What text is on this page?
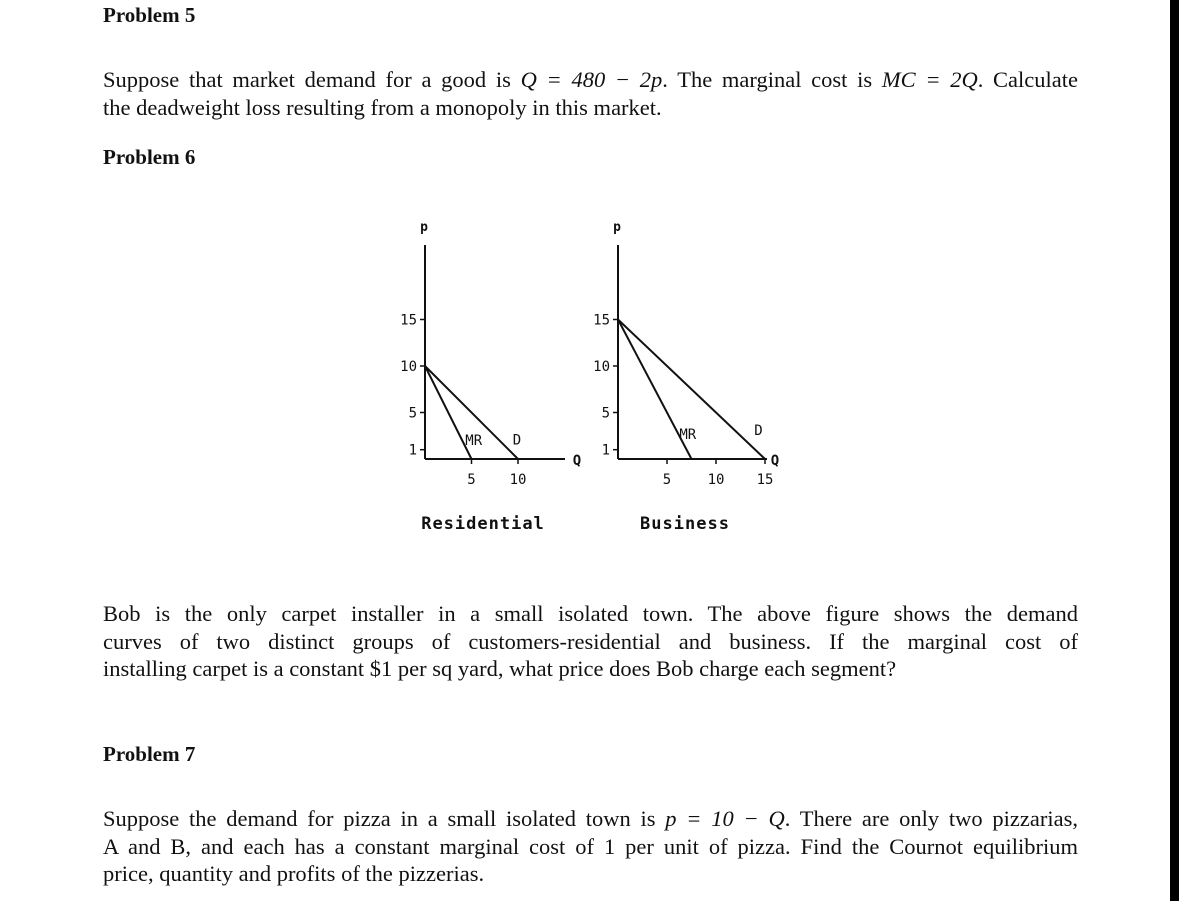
Problem 5

Suppose that market demand for a good is Q = 480 − 2p. The marginal cost is MC = 2Q. Calculate
the deadweight loss resulting from a monopoly in this market.

Problem 6
p
Q
15
10
5
1
5 10
MR D
Residential
p
Q
15
10
5
1
5	10 15
MR	D
Business

Bob is the only carpet installer in a small isolated town. The above figure shows the demand
curves of two distinct groups of customers-residential and business. If the marginal cost of
installing carpet is a constant $1 per sq yard, what price does Bob charge each segment?

Problem 7

Suppose the demand for pizza in a small isolated town is p = 10 − Q. There are only two pizzarias,
A and B, and each has a constant marginal cost of 1 per unit of pizza. Find the Cournot equilibrium
price, quantity and profits of the pizzerias.
